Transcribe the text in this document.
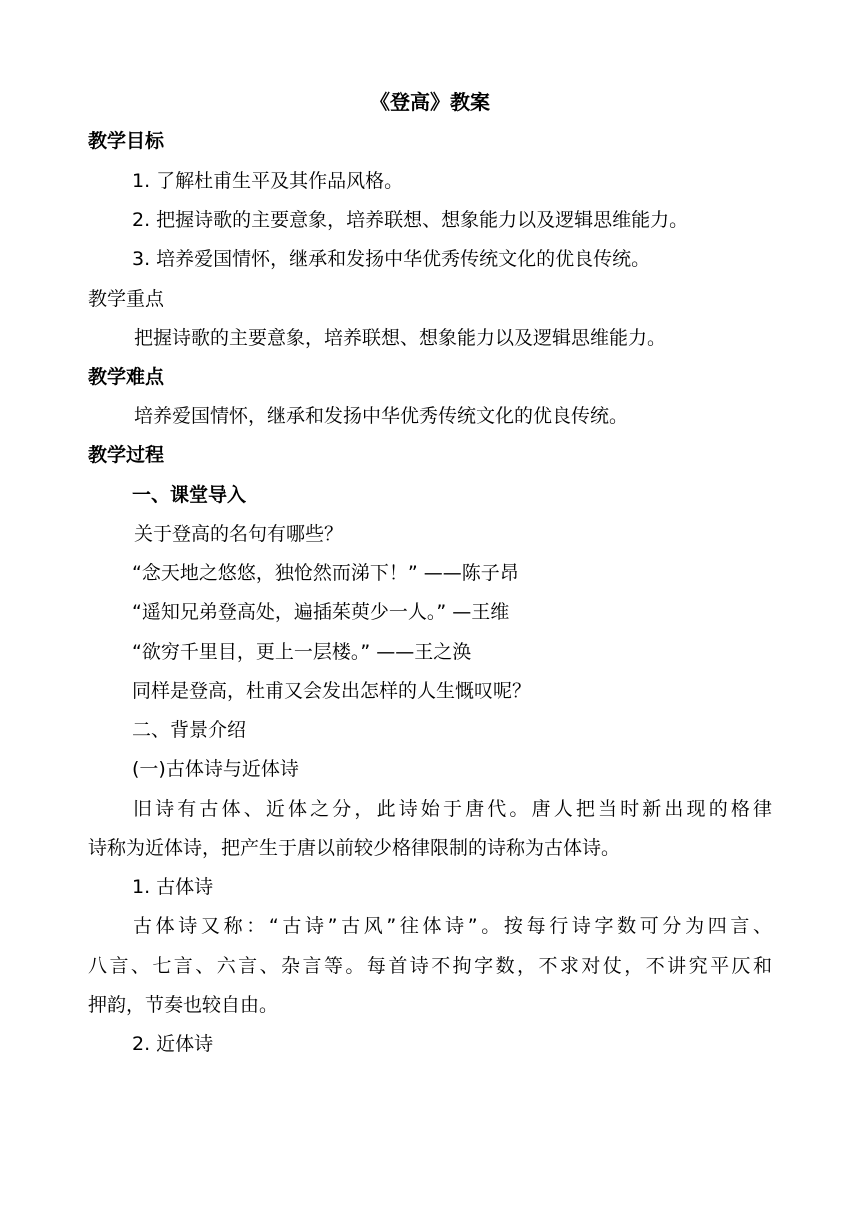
《登高》教案
教学目标
1. 了解杜甫生平及其作品风格。
2. 把握诗歌的主要意象，培养联想、想象能力以及逻辑思维能力。
3. 培养爱国情怀，继承和发扬中华优秀传统文化的优良传统。
教学重点
把握诗歌的主要意象，培养联想、想象能力以及逻辑思维能力。
教学难点
培养爱国情怀，继承和发扬中华优秀传统文化的优良传统。
教学过程
一、课堂导入
关于登高的名句有哪些？
“念天地之悠悠，独怆然而涕下！” ——陈子昂
“遥知兄弟登高处，遍插茱萸少一人。” —王维
“欲穷千里目，更上一层楼。” ——王之涣
同样是登高，杜甫又会发出怎样的人生慨叹呢？
二、背景介绍
(一)古体诗与近体诗
旧诗有古体、近体之分，此诗始于唐代。唐人把当时新出现的格律
诗称为近体诗，把产生于唐以前较少格律限制的诗称为古体诗。
1. 古体诗
古体诗又称：“古诗”古风”往体诗”。按每行诗字数可分为四言、
八言、七言、六言、杂言等。每首诗不拘字数，不求对仗，不讲究平仄和
押韵，节奏也较自由。
2. 近体诗
